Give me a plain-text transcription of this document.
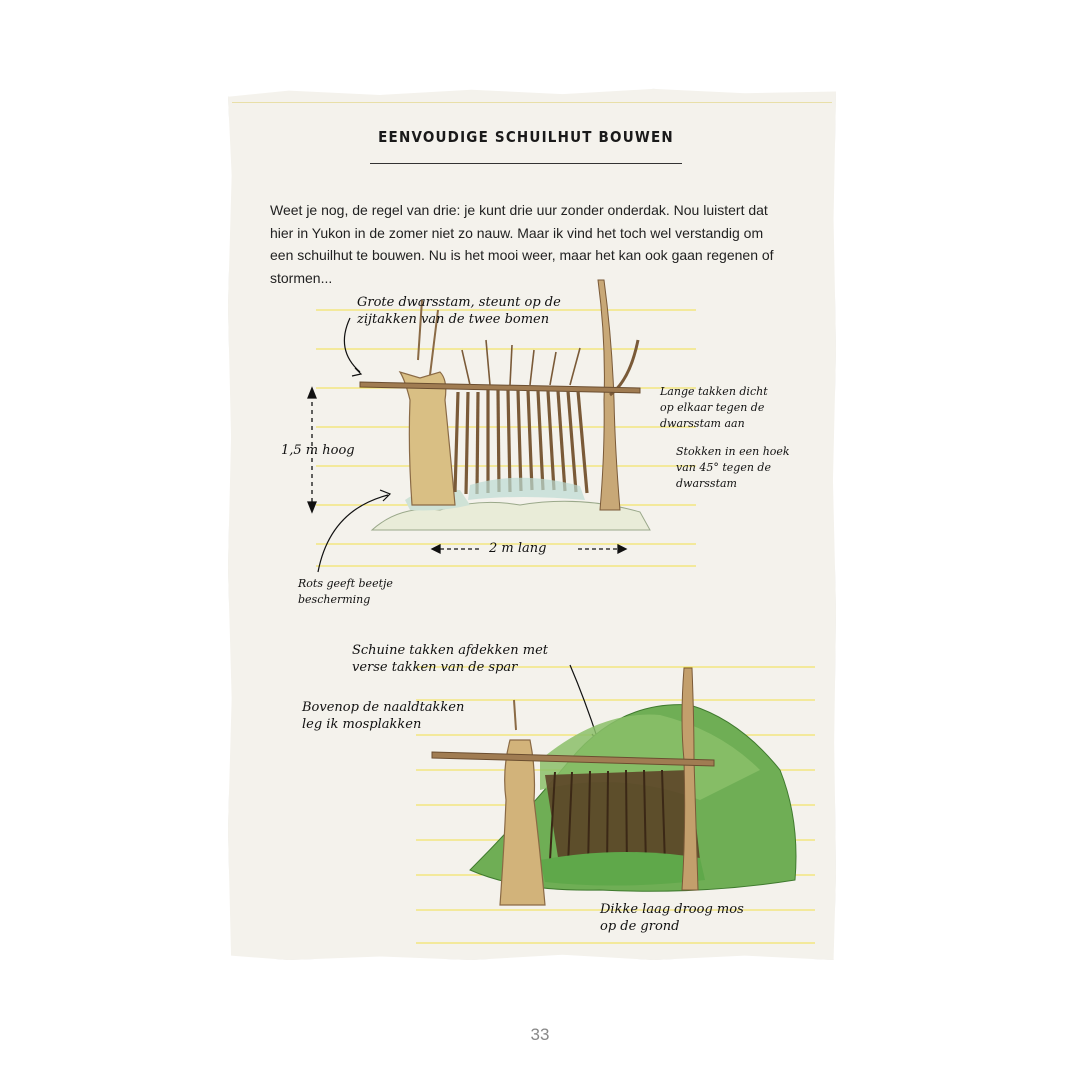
EENVOUDIGE SCHUILHUT BOUWEN
Weet je nog, de regel van drie: je kunt drie uur zonder onderdak. Nou luistert dat hier in Yukon in de zomer niet zo nauw. Maar ik vind het toch wel verstandig om een schuilhut te bouwen. Nu is het mooi weer, maar het kan ook gaan regenen of stormen...
Grote dwarsstam, steunt op de
zijtakken van de twee bomen
Lange takken dicht
op elkaar tegen de
dwarsstam aan
Stokken in een hoek
van 45° tegen de
dwarsstam
1,5 m hoog
2 m lang
Rots geeft beetje
bescherming
Schuine takken afdekken met
verse takken van de spar
Bovenop de naaldtakken
leg ik mosplakken
Dikke laag droog mos
op de grond
33
